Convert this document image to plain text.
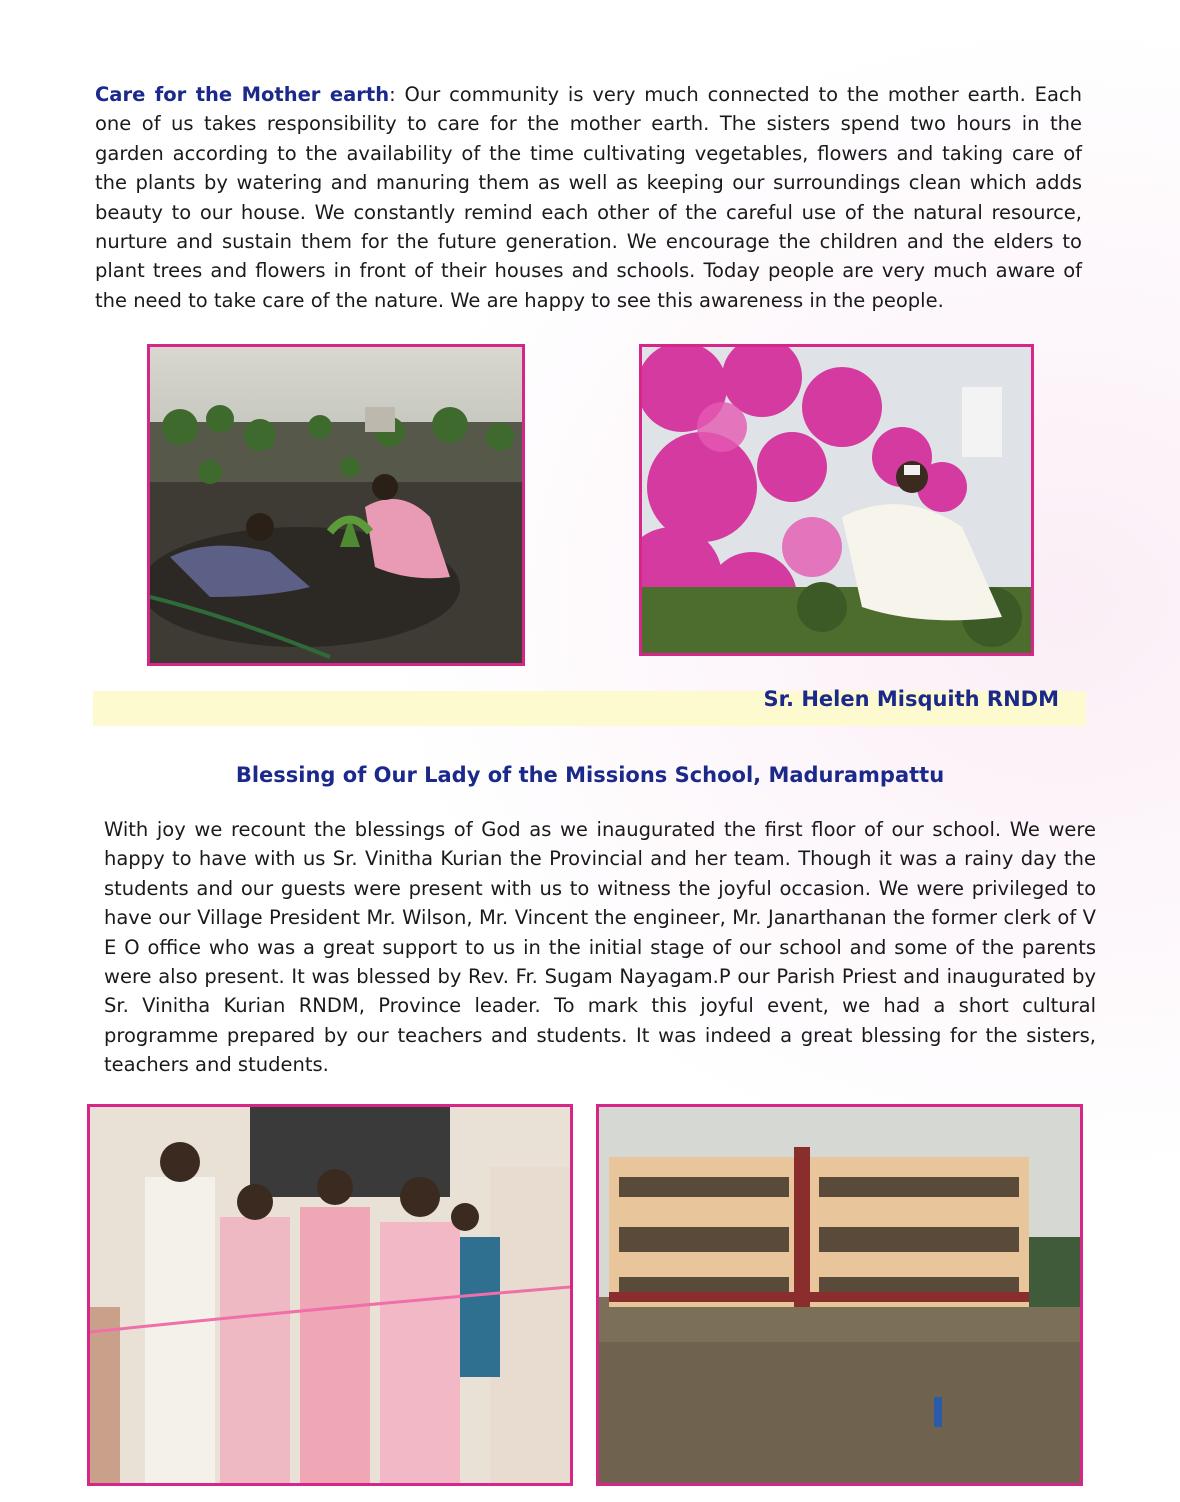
Care for the Mother earth: Our community is very much connected to the mother earth. Each one of us takes responsibility to care for the mother earth. The sisters spend two hours in the garden according to the availability of the time cultivating vegetables, flowers and taking care of the plants by watering and manuring them as well as keeping our surroundings clean which adds beauty to our house. We constantly remind each other of the careful use of the natural resource, nurture and sustain them for the future generation. We encourage the children and the elders to plant trees and flowers in front of their houses and schools. Today people are very much aware of the need to take care of the nature. We are happy to see this awareness in the people.

Sr. Helen Misquith RNDM
Blessing of Our Lady of the Missions School, Madurampattu

With joy we recount the blessings of God as we inaugurated the first floor of our school. We were happy to have with us Sr. Vinitha Kurian the Provincial and her team. Though it was a rainy day the students and our guests were present with us to witness the joyful occasion. We were privileged to have our Village President Mr. Wilson, Mr. Vincent the engineer, Mr. Janarthanan the former clerk of V E O office who was a great support to us in the initial stage of our school and some of the parents were also present. It was blessed by Rev. Fr. Sugam Nayagam.P our Parish Priest and inaugurated by Sr. Vinitha Kurian RNDM, Province leader. To mark this joyful event, we had a short cultural programme prepared by our teachers and students. It was indeed a great blessing for the sisters, teachers and students.
